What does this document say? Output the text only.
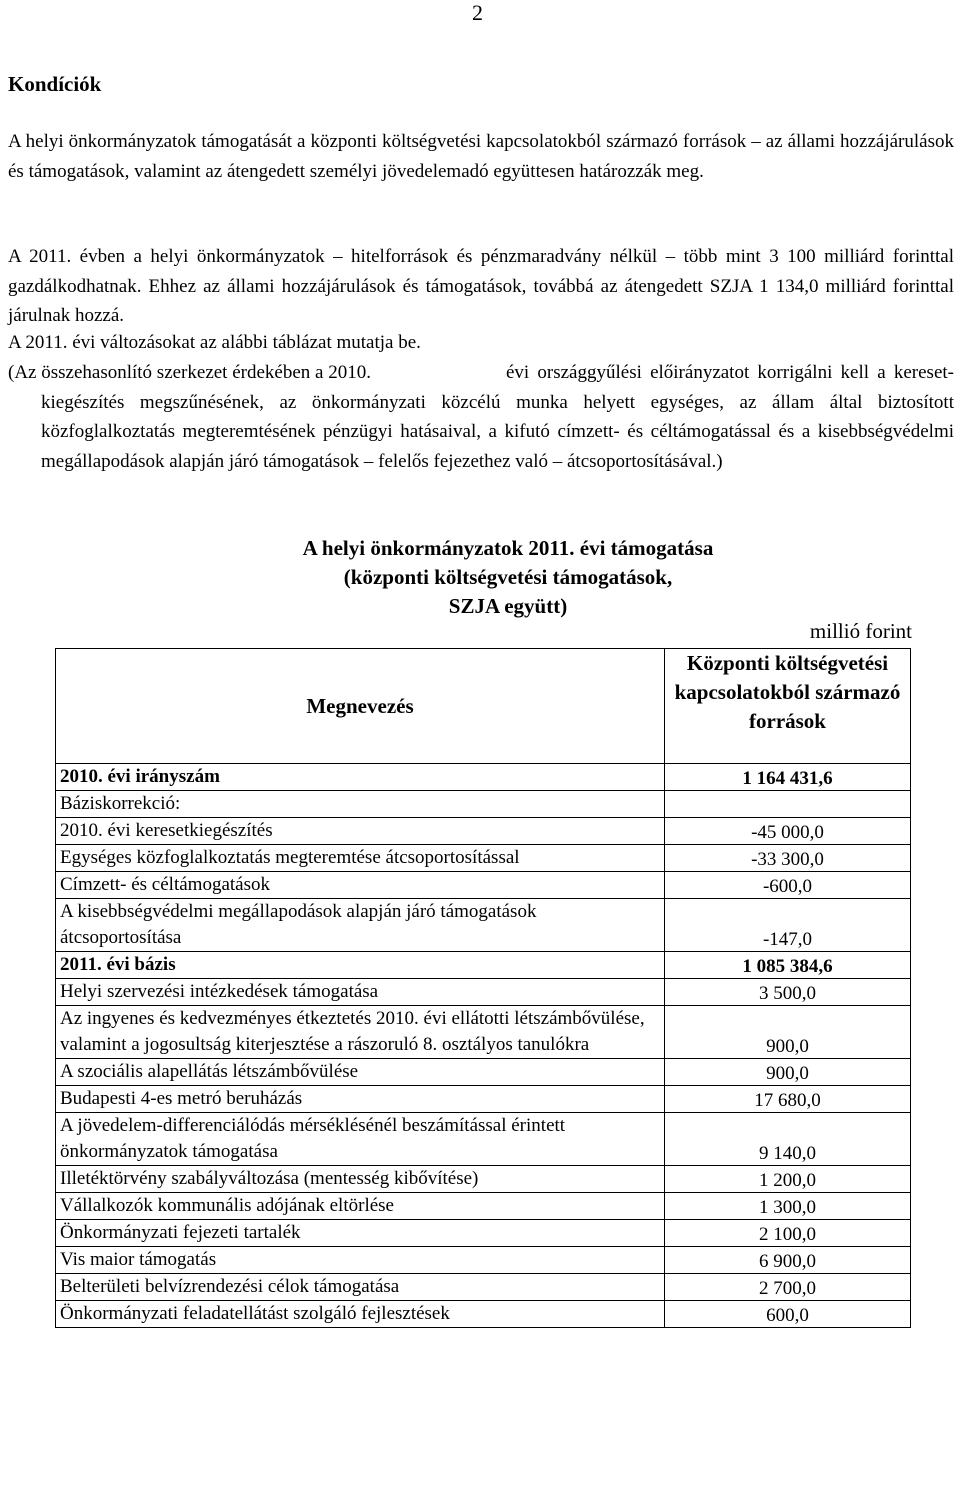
2
Kondíciók
A helyi önkormányzatok támogatását a központi költségvetési kapcsolatokból származó források – az állami hozzájárulások és támogatások, valamint az átengedett személyi jövedelemadó együttesen határozzák meg.
A 2011. évben a helyi önkormányzatok – hitelforrások és pénzmaradvány nélkül – több mint 3 100 milliárd forinttal gazdálkodhatnak. Ehhez az állami hozzájárulások és támogatások, továbbá az átengedett SZJA 1 134,0 milliárd forinttal járulnak hozzá.
A 2011. évi változásokat az alábbi táblázat mutatja be.
(Az összehasonlító szerkezet érdekében a 2010.	évi országgyűlési előirányzatot korrigálni kell a kereset-kiegészítés megszűnésének, az önkormányzati közcélú munka helyett egységes, az állam által biztosított közfoglalkoztatás megteremtésének pénzügyi hatásaival, a kifutó címzett- és céltámogatással és a kisebbségvédelmi megállapodások alapján járó támogatások – felelős fejezethez való – átcsoportosításával.)
A helyi önkormányzatok 2011. évi támogatása
(központi költségvetési támogatások,
SZJA együtt)
millió forint
Megnevezés	Központi költségvetési kapcsolatokból származó források
2010. évi irányszám	1 164 431,6
Báziskorrekció:	
2010. évi keresetkiegészítés	-45 000,0
Egységes közfoglalkoztatás megteremtése átcsoportosítással	-33 300,0
Címzett- és céltámogatások	-600,0
A kisebbségvédelmi megállapodások alapján járó támogatások átcsoportosítása	-147,0
2011. évi bázis	1 085 384,6
Helyi szervezési intézkedések támogatása	3 500,0
Az ingyenes és kedvezményes étkeztetés 2010. évi ellátotti létszámbővülése, valamint a jogosultság kiterjesztése a rászoruló 8. osztályos tanulókra	900,0
A szociális alapellátás létszámbővülése	900,0
Budapesti 4-es metró beruházás	17 680,0
A jövedelem-differenciálódás mérséklésénél beszámítással érintett önkormányzatok támogatása	9 140,0
Illetéktörvény szabályváltozása (mentesség kibővítése)	1 200,0
Vállalkozók kommunális adójának eltörlése	1 300,0
Önkormányzati fejezeti tartalék	2 100,0
Vis maior támogatás	6 900,0
Belterületi belvízrendezési célok támogatása	2 700,0
Önkormányzati feladatellátást szolgáló fejlesztések	600,0
